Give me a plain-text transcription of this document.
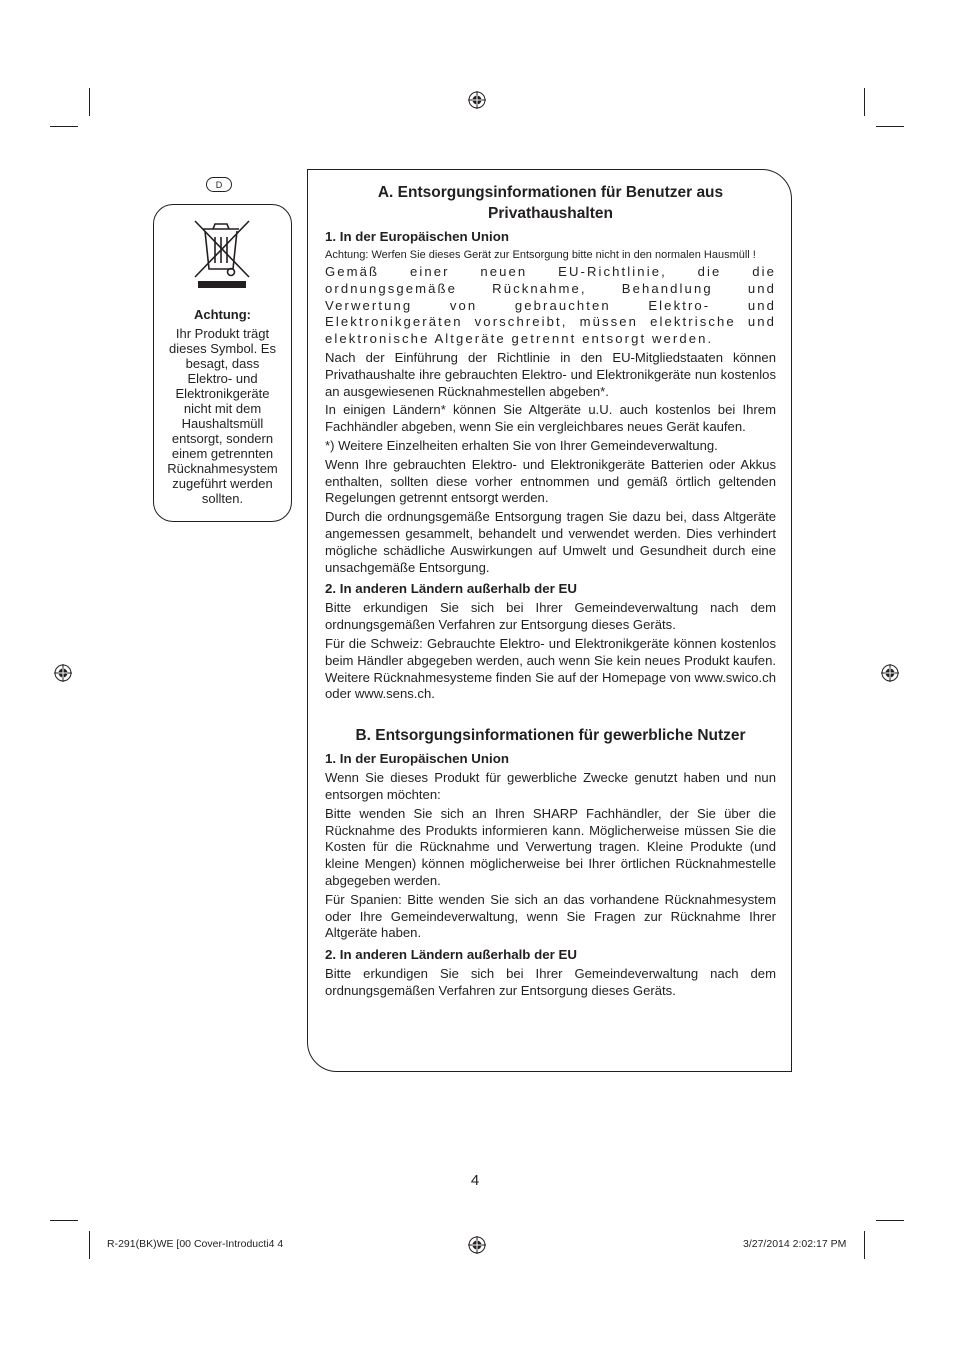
D
Achtung:
Ihr Produkt trägt dieses Symbol. Es besagt, dass Elektro- und Elektronikgeräte nicht mit dem Haushaltsmüll entsorgt, sondern einem getrennten Rücknahmesystem zugeführt werden sollten.
A. Entsorgungsinformationen für Benutzer aus Privathaushalten
1. In der Europäischen Union

Achtung: Werfen Sie dieses Gerät zur Entsorgung bitte nicht in den normalen Hausmüll !

Gemäß einer neuen EU-Richtlinie, die die ordnungsgemäße Rücknahme, Behandlung und Verwertung von gebrauchten Elektro- und Elektronikgeräten vorschreibt, müssen elektrische und elektronische Altgeräte getrennt entsorgt werden.

Nach der Einführung der Richtlinie in den EU-Mitgliedstaaten können Privathaushalte ihre gebrauchten Elektro- und Elektronikgeräte nun kostenlos an ausgewiesenen Rücknahmestellen abgeben*.

In einigen Ländern* können Sie Altgeräte u.U. auch kostenlos bei Ihrem Fachhändler abgeben, wenn Sie ein vergleichbares neues Gerät kaufen.

*) Weitere Einzelheiten erhalten Sie von Ihrer Gemeindeverwaltung.

Wenn Ihre gebrauchten Elektro- und Elektronikgeräte Batterien oder Akkus enthalten, sollten diese vorher entnommen und gemäß örtlich geltenden Regelungen getrennt entsorgt werden.

Durch die ordnungsgemäße Entsorgung tragen Sie dazu bei, dass Altgeräte angemessen gesammelt, behandelt und verwendet werden. Dies verhindert mögliche schädliche Auswirkungen auf Umwelt und Gesundheit durch eine unsachgemäße Entsorgung.

2. In anderen Ländern außerhalb der EU

Bitte erkundigen Sie sich bei Ihrer Gemeindeverwaltung nach dem ordnungsgemäßen Verfahren zur Entsorgung dieses Geräts.

Für die Schweiz: Gebrauchte Elektro- und Elektronikgeräte können kostenlos beim Händler abgegeben werden, auch wenn Sie kein neues Produkt kaufen. Weitere Rücknahmesysteme finden Sie auf der Homepage von www.swico.ch oder www.sens.ch.

B. Entsorgungsinformationen für gewerbliche Nutzer
1. In der Europäischen Union

Wenn Sie dieses Produkt für gewerbliche Zwecke genutzt haben und nun entsorgen möchten:

Bitte wenden Sie sich an Ihren SHARP Fachhändler, der Sie über die Rücknahme des Produkts informieren kann. Möglicherweise müssen Sie die Kosten für die Rücknahme und Verwertung tragen. Kleine Produkte (und kleine Mengen) können möglicherweise bei Ihrer örtlichen Rücknahmestelle abgegeben werden.

Für Spanien: Bitte wenden Sie sich an das vorhandene Rücknahmesystem oder Ihre Gemeindeverwaltung, wenn Sie Fragen zur Rücknahme Ihrer Altgeräte haben.

2. In anderen Ländern außerhalb der EU

Bitte erkundigen Sie sich bei Ihrer Gemeindeverwaltung nach dem ordnungsgemäßen Verfahren zur Entsorgung dieses Geräts.

4
R-291(BK)WE [00 Cover-Introducti4 4	3/27/2014 2:02:17 PM
